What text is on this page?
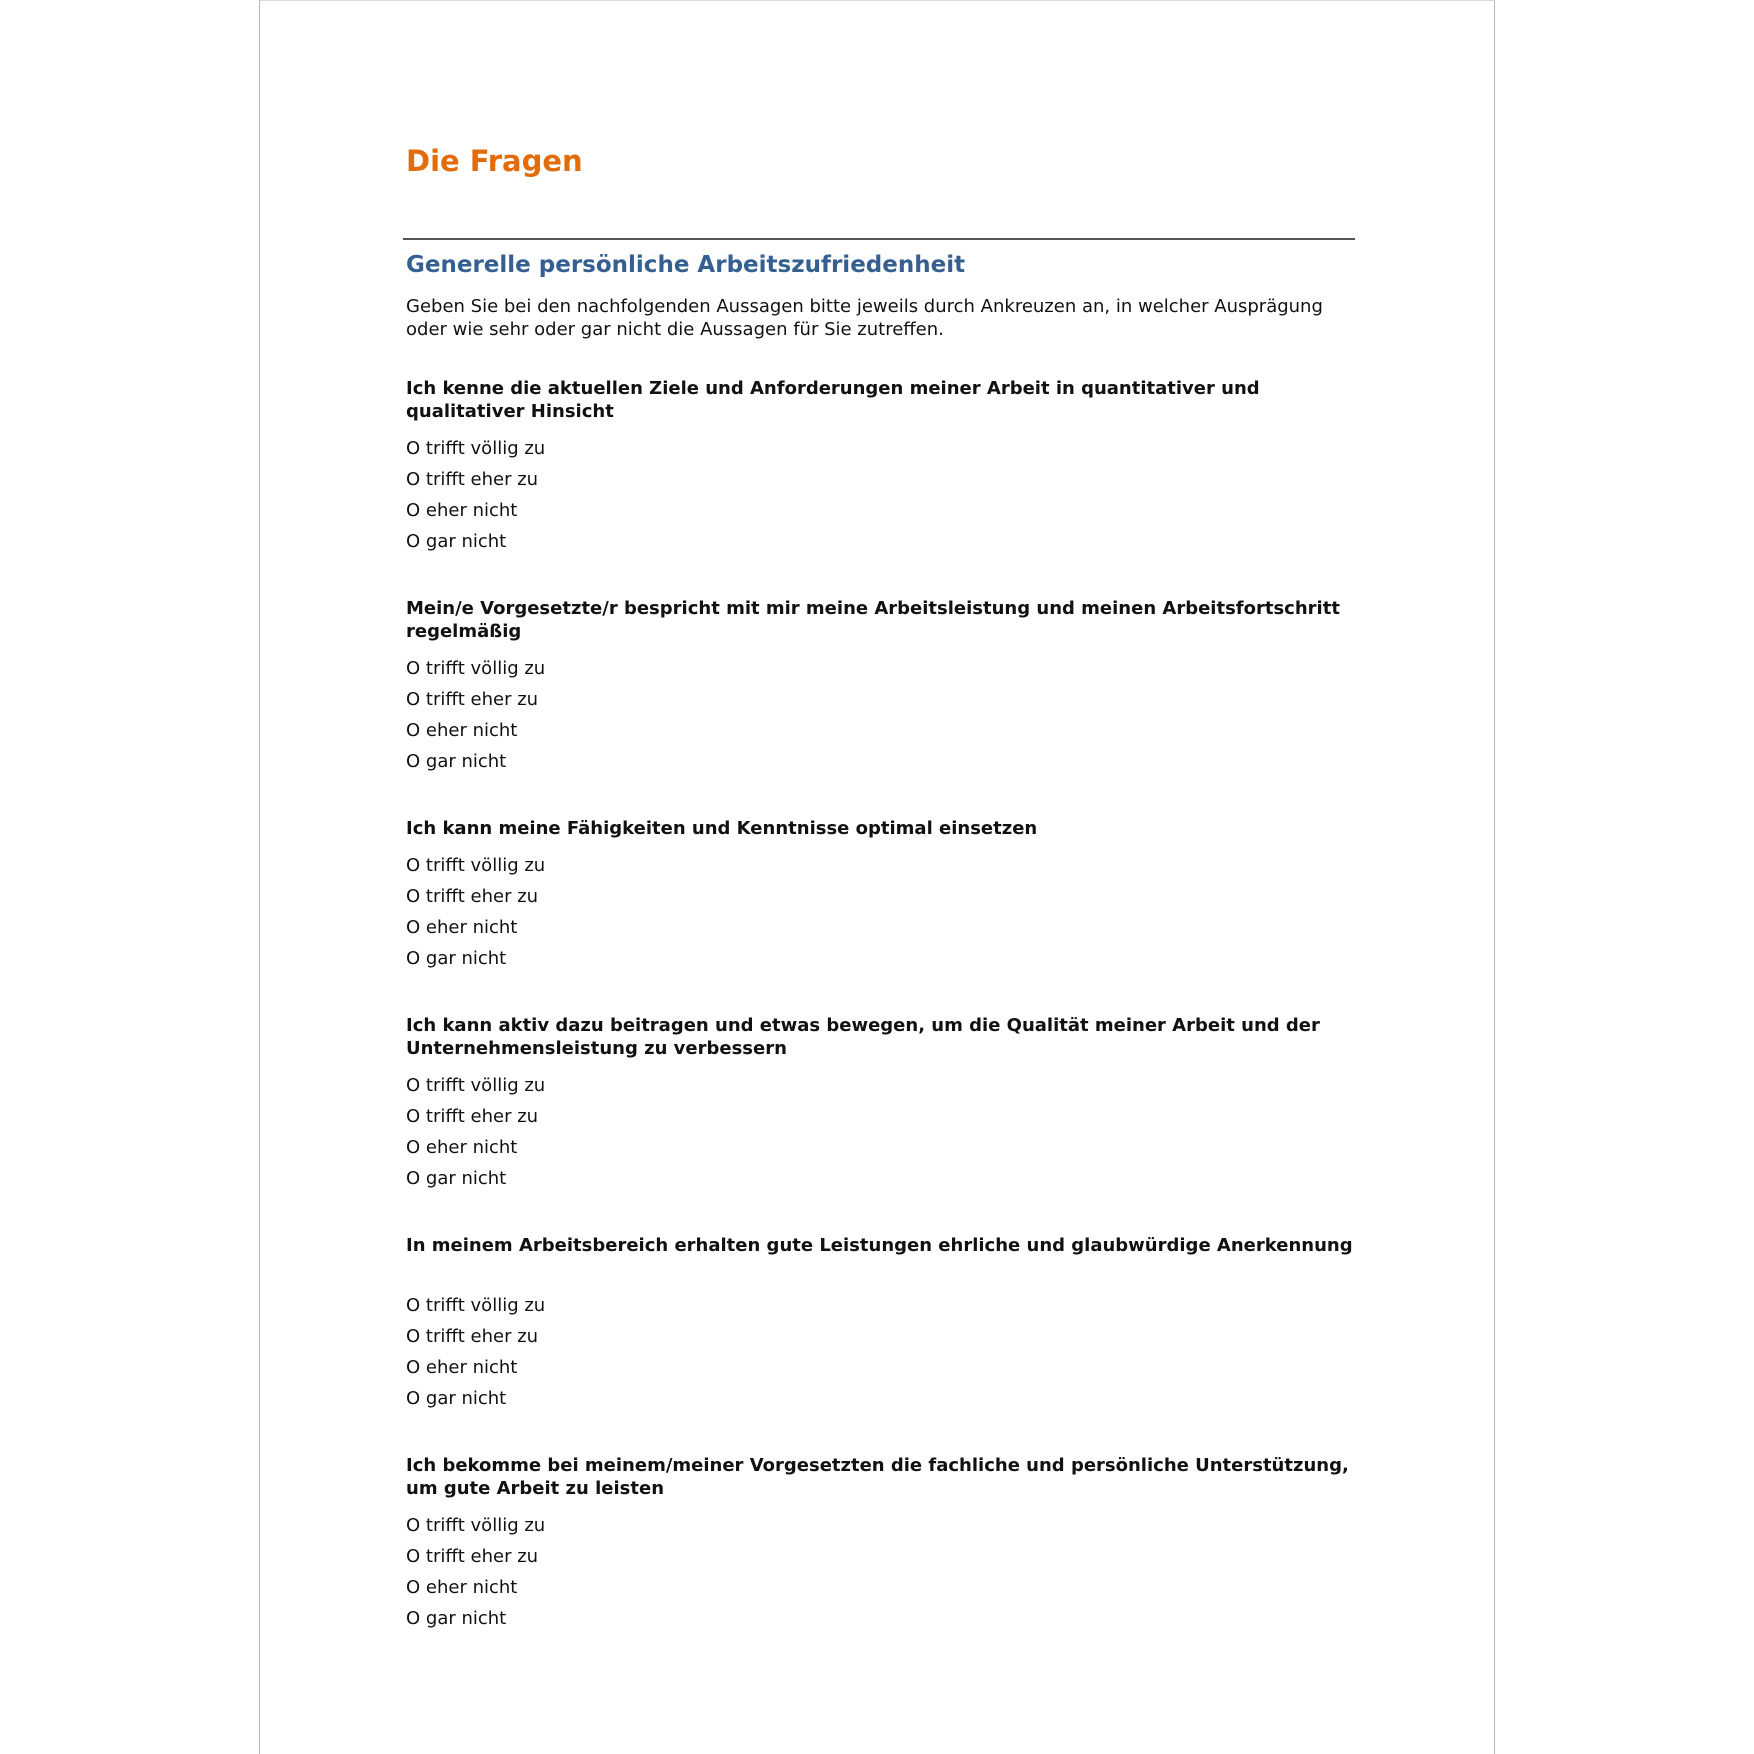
Die Fragen
Generelle persönliche Arbeitszufriedenheit

Geben Sie bei den nachfolgenden Aussagen bitte jeweils durch Ankreuzen an, in welcher Ausprägung oder wie sehr oder gar nicht die Aussagen für Sie zutreffen.

Ich kenne die aktuellen Ziele und Anforderungen meiner Arbeit in quantitativer und qualitativer Hinsicht

O trifft völlig zu
O trifft eher zu
O eher nicht
O gar nicht

Mein/e Vorgesetzte/r bespricht mit mir meine Arbeitsleistung und meinen Arbeitsfortschritt regelmäßig

O trifft völlig zu
O trifft eher zu
O eher nicht
O gar nicht

Ich kann meine Fähigkeiten und Kenntnisse optimal einsetzen

O trifft völlig zu
O trifft eher zu
O eher nicht
O gar nicht

Ich kann aktiv dazu beitragen und etwas bewegen, um die Qualität meiner Arbeit und der Unternehmensleistung zu verbessern

O trifft völlig zu
O trifft eher zu
O eher nicht
O gar nicht

In meinem Arbeitsbereich erhalten gute Leistungen ehrliche und glaubwürdige Anerkennung

O trifft völlig zu
O trifft eher zu
O eher nicht
O gar nicht

Ich bekomme bei meinem/meiner Vorgesetzten die fachliche und persönliche Unterstützung, um gute Arbeit zu leisten

O trifft völlig zu
O trifft eher zu
O eher nicht
O gar nicht
